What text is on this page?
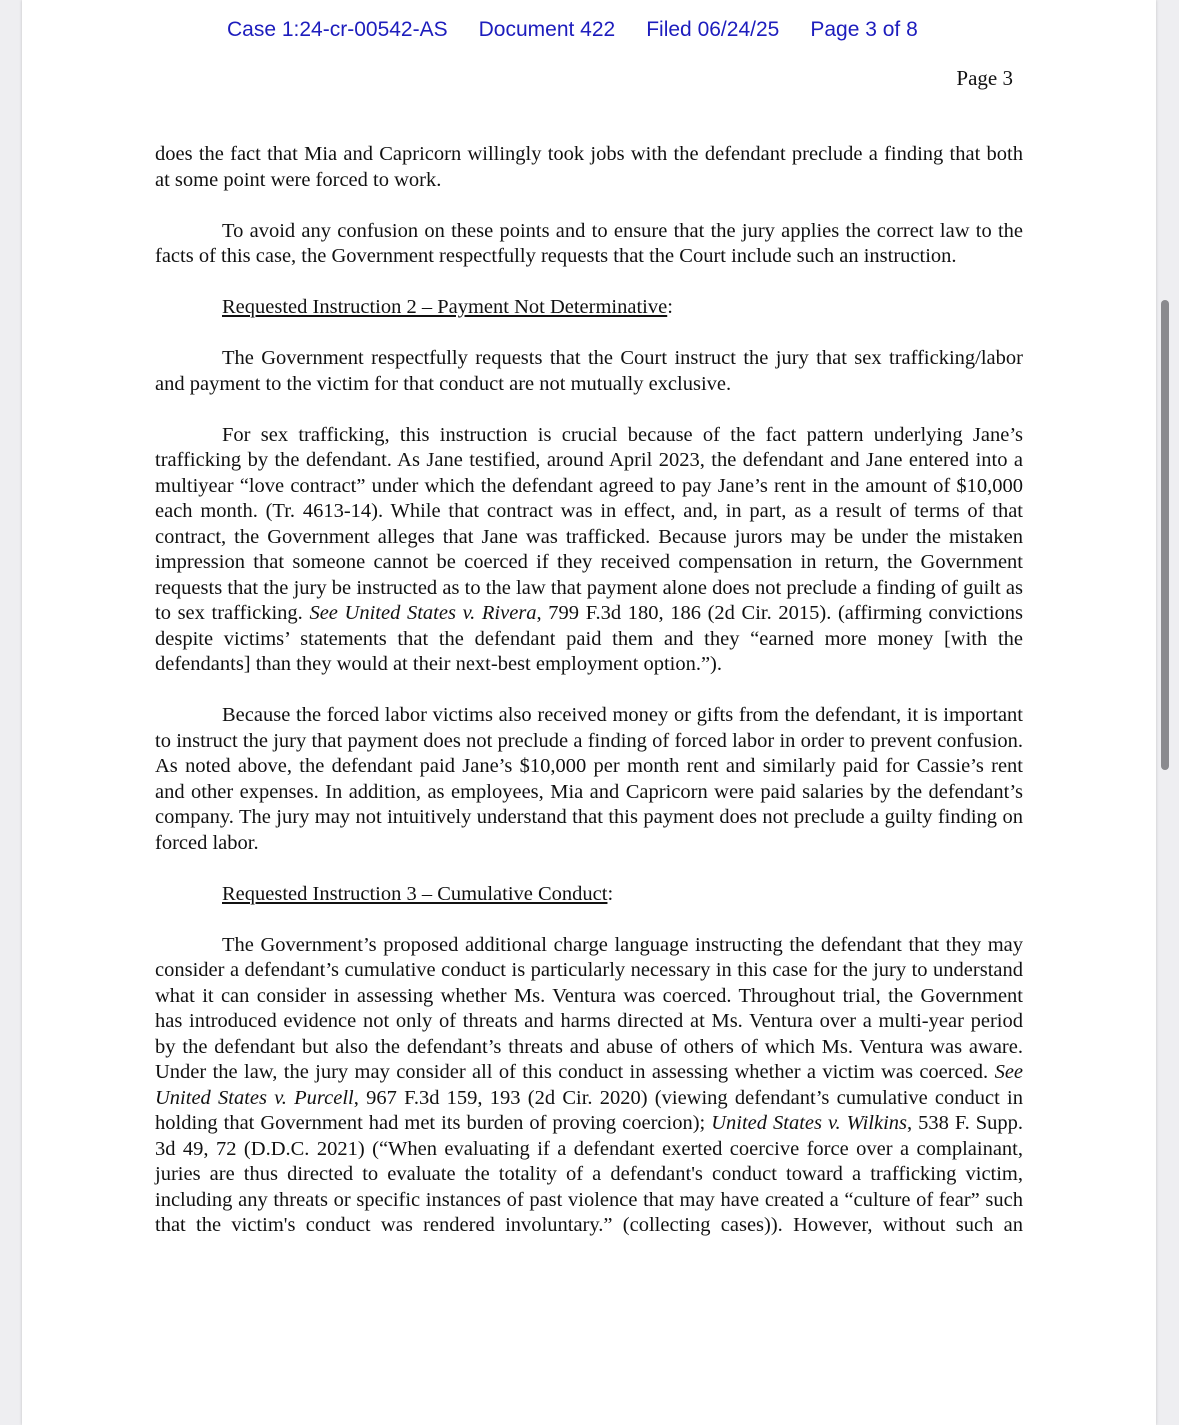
Case 1:24-cr-00542-AS Document 422 Filed 06/24/25 Page 3 of 8
Page 3

does the fact that Mia and Capricorn willingly took jobs with the defendant preclude a finding that both at some point were forced to work.

To avoid any confusion on these points and to ensure that the jury applies the correct law to the facts of this case, the Government respectfully requests that the Court include such an instruction.

Requested Instruction 2 – Payment Not Determinative:

The Government respectfully requests that the Court instruct the jury that sex trafficking/labor and payment to the victim for that conduct are not mutually exclusive.

For sex trafficking, this instruction is crucial because of the fact pattern underlying Jane’s trafficking by the defendant. As Jane testified, around April 2023, the defendant and Jane entered into a multiyear “love contract” under which the defendant agreed to pay Jane’s rent in the amount of $10,000 each month. (Tr. 4613-14). While that contract was in effect, and, in part, as a result of terms of that contract, the Government alleges that Jane was trafficked. Because jurors may be under the mistaken impression that someone cannot be coerced if they received compensation in return, the Government requests that the jury be instructed as to the law that payment alone does not preclude a finding of guilt as to sex trafficking. See United States v. Rivera, 799 F.3d 180, 186 (2d Cir. 2015). (affirming convictions despite victims’ statements that the defendant paid them and they “earned more money [with the defendants] than they would at their next-best employment option.”).

Because the forced labor victims also received money or gifts from the defendant, it is important to instruct the jury that payment does not preclude a finding of forced labor in order to prevent confusion. As noted above, the defendant paid Jane’s $10,000 per month rent and similarly paid for Cassie’s rent and other expenses. In addition, as employees, Mia and Capricorn were paid salaries by the defendant’s company. The jury may not intuitively understand that this payment does not preclude a guilty finding on forced labor.

Requested Instruction 3 – Cumulative Conduct:

The Government’s proposed additional charge language instructing the defendant that they may consider a defendant’s cumulative conduct is particularly necessary in this case for the jury to understand what it can consider in assessing whether Ms. Ventura was coerced. Throughout trial, the Government has introduced evidence not only of threats and harms directed at Ms. Ventura over a multi-year period by the defendant but also the defendant’s threats and abuse of others of which Ms. Ventura was aware. Under the law, the jury may consider all of this conduct in assessing whether a victim was coerced. See United States v. Purcell, 967 F.3d 159, 193 (2d Cir. 2020) (viewing defendant’s cumulative conduct in holding that Government had met its burden of proving coercion); United States v. Wilkins, 538 F. Supp. 3d 49, 72 (D.D.C. 2021) (“When evaluating if a defendant exerted coercive force over a complainant, juries are thus directed to evaluate the totality of a defendant's conduct toward a trafficking victim, including any threats or specific instances of past violence that may have created a “culture of fear” such that the victim's conduct was rendered involuntary.” (collecting cases)). However, without such an
